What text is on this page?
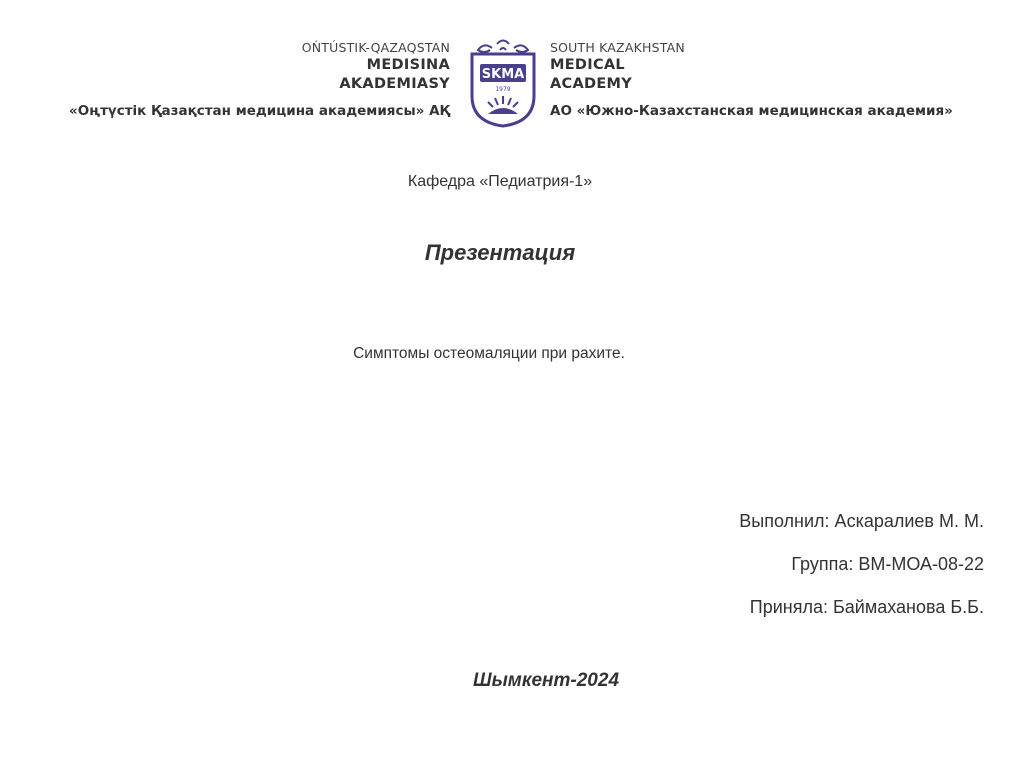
OŃTÚSTIK-QAZAQSTAN
MEDISINA
AKADEMIASY
«Оңтүстік Қазақстан медицина академиясы» АҚ
SKMA
1979
SOUTH KAZAKHSTAN
MEDICAL
ACADEMY
АО «Южно-Казахстанская медицинская академия»
Кафедра «Педиатрия-1»
Презентация
Симптомы остеомаляции при рахите.
Выполнил: Аскаралиев М. М.
Группа: ВМ-МОА-08-22
Приняла: Баймаханова Б.Б.
Шымкент-2024
